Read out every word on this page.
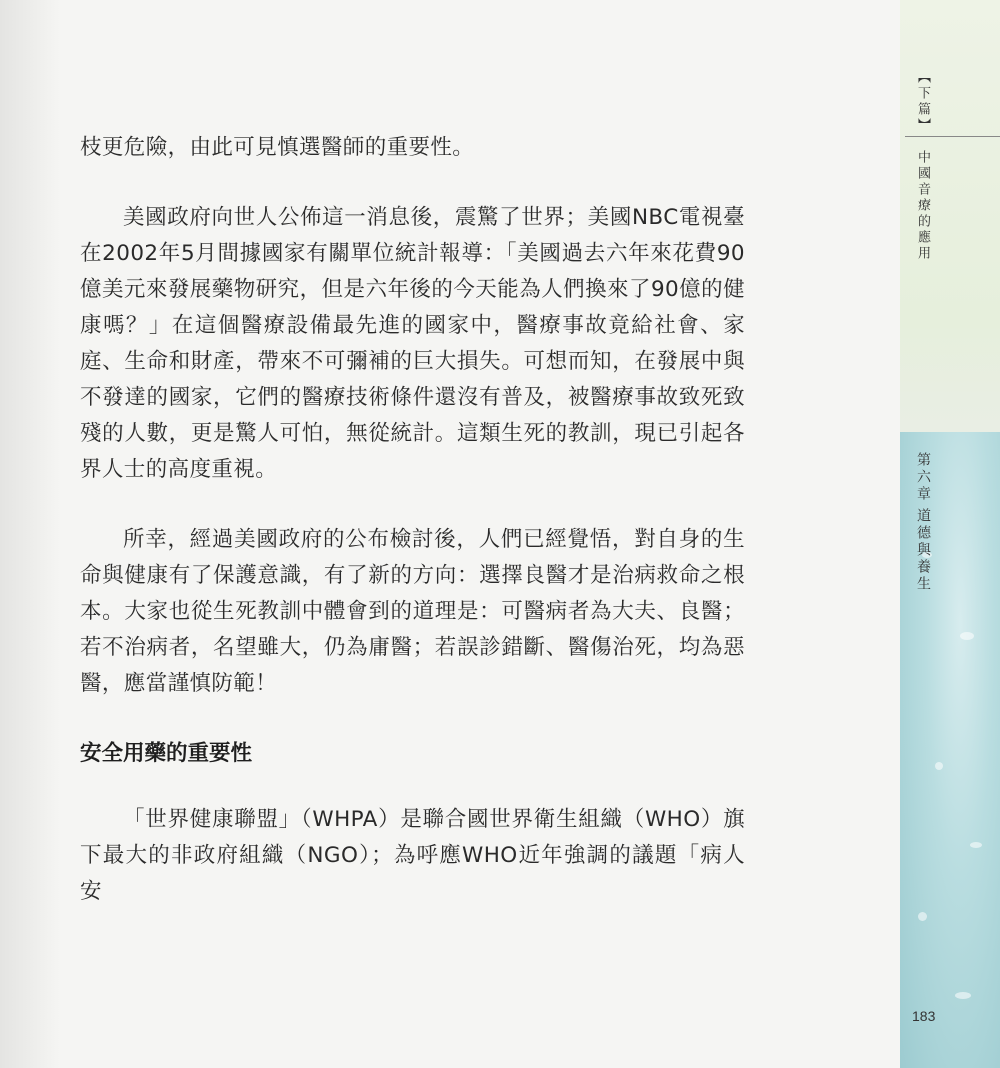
枝更危險，由此可見慎選醫師的重要性。

美國政府向世人公佈這一消息後，震驚了世界；美國NBC電視臺在2002年5月間據國家有關單位統計報導：「美國過去六年來花費90億美元來發展藥物研究，但是六年後的今天能為人們換來了90億的健康嗎？」在這個醫療設備最先進的國家中，醫療事故竟給社會、家庭、生命和財產，帶來不可彌補的巨大損失。可想而知，在發展中與不發達的國家，它們的醫療技術條件還沒有普及，被醫療事故致死致殘的人數，更是驚人可怕，無從統計。這類生死的教訓，現已引起各界人士的高度重視。

所幸，經過美國政府的公布檢討後，人們已經覺悟，對自身的生命與健康有了保護意識，有了新的方向：選擇良醫才是治病救命之根本。大家也從生死教訓中體會到的道理是：可醫病者為大夫、良醫；若不治病者，名望雖大，仍為庸醫；若誤診錯斷、醫傷治死，均為惡醫，應當謹慎防範！

安全用藥的重要性

「世界健康聯盟」（WHPA）是聯合國世界衛生組織（WHO）旗下最大的非政府組織（NGO）；為呼應WHO近年強調的議題「病人安

【下篇】
中國音療的應用
第六章
道德與養生
183
